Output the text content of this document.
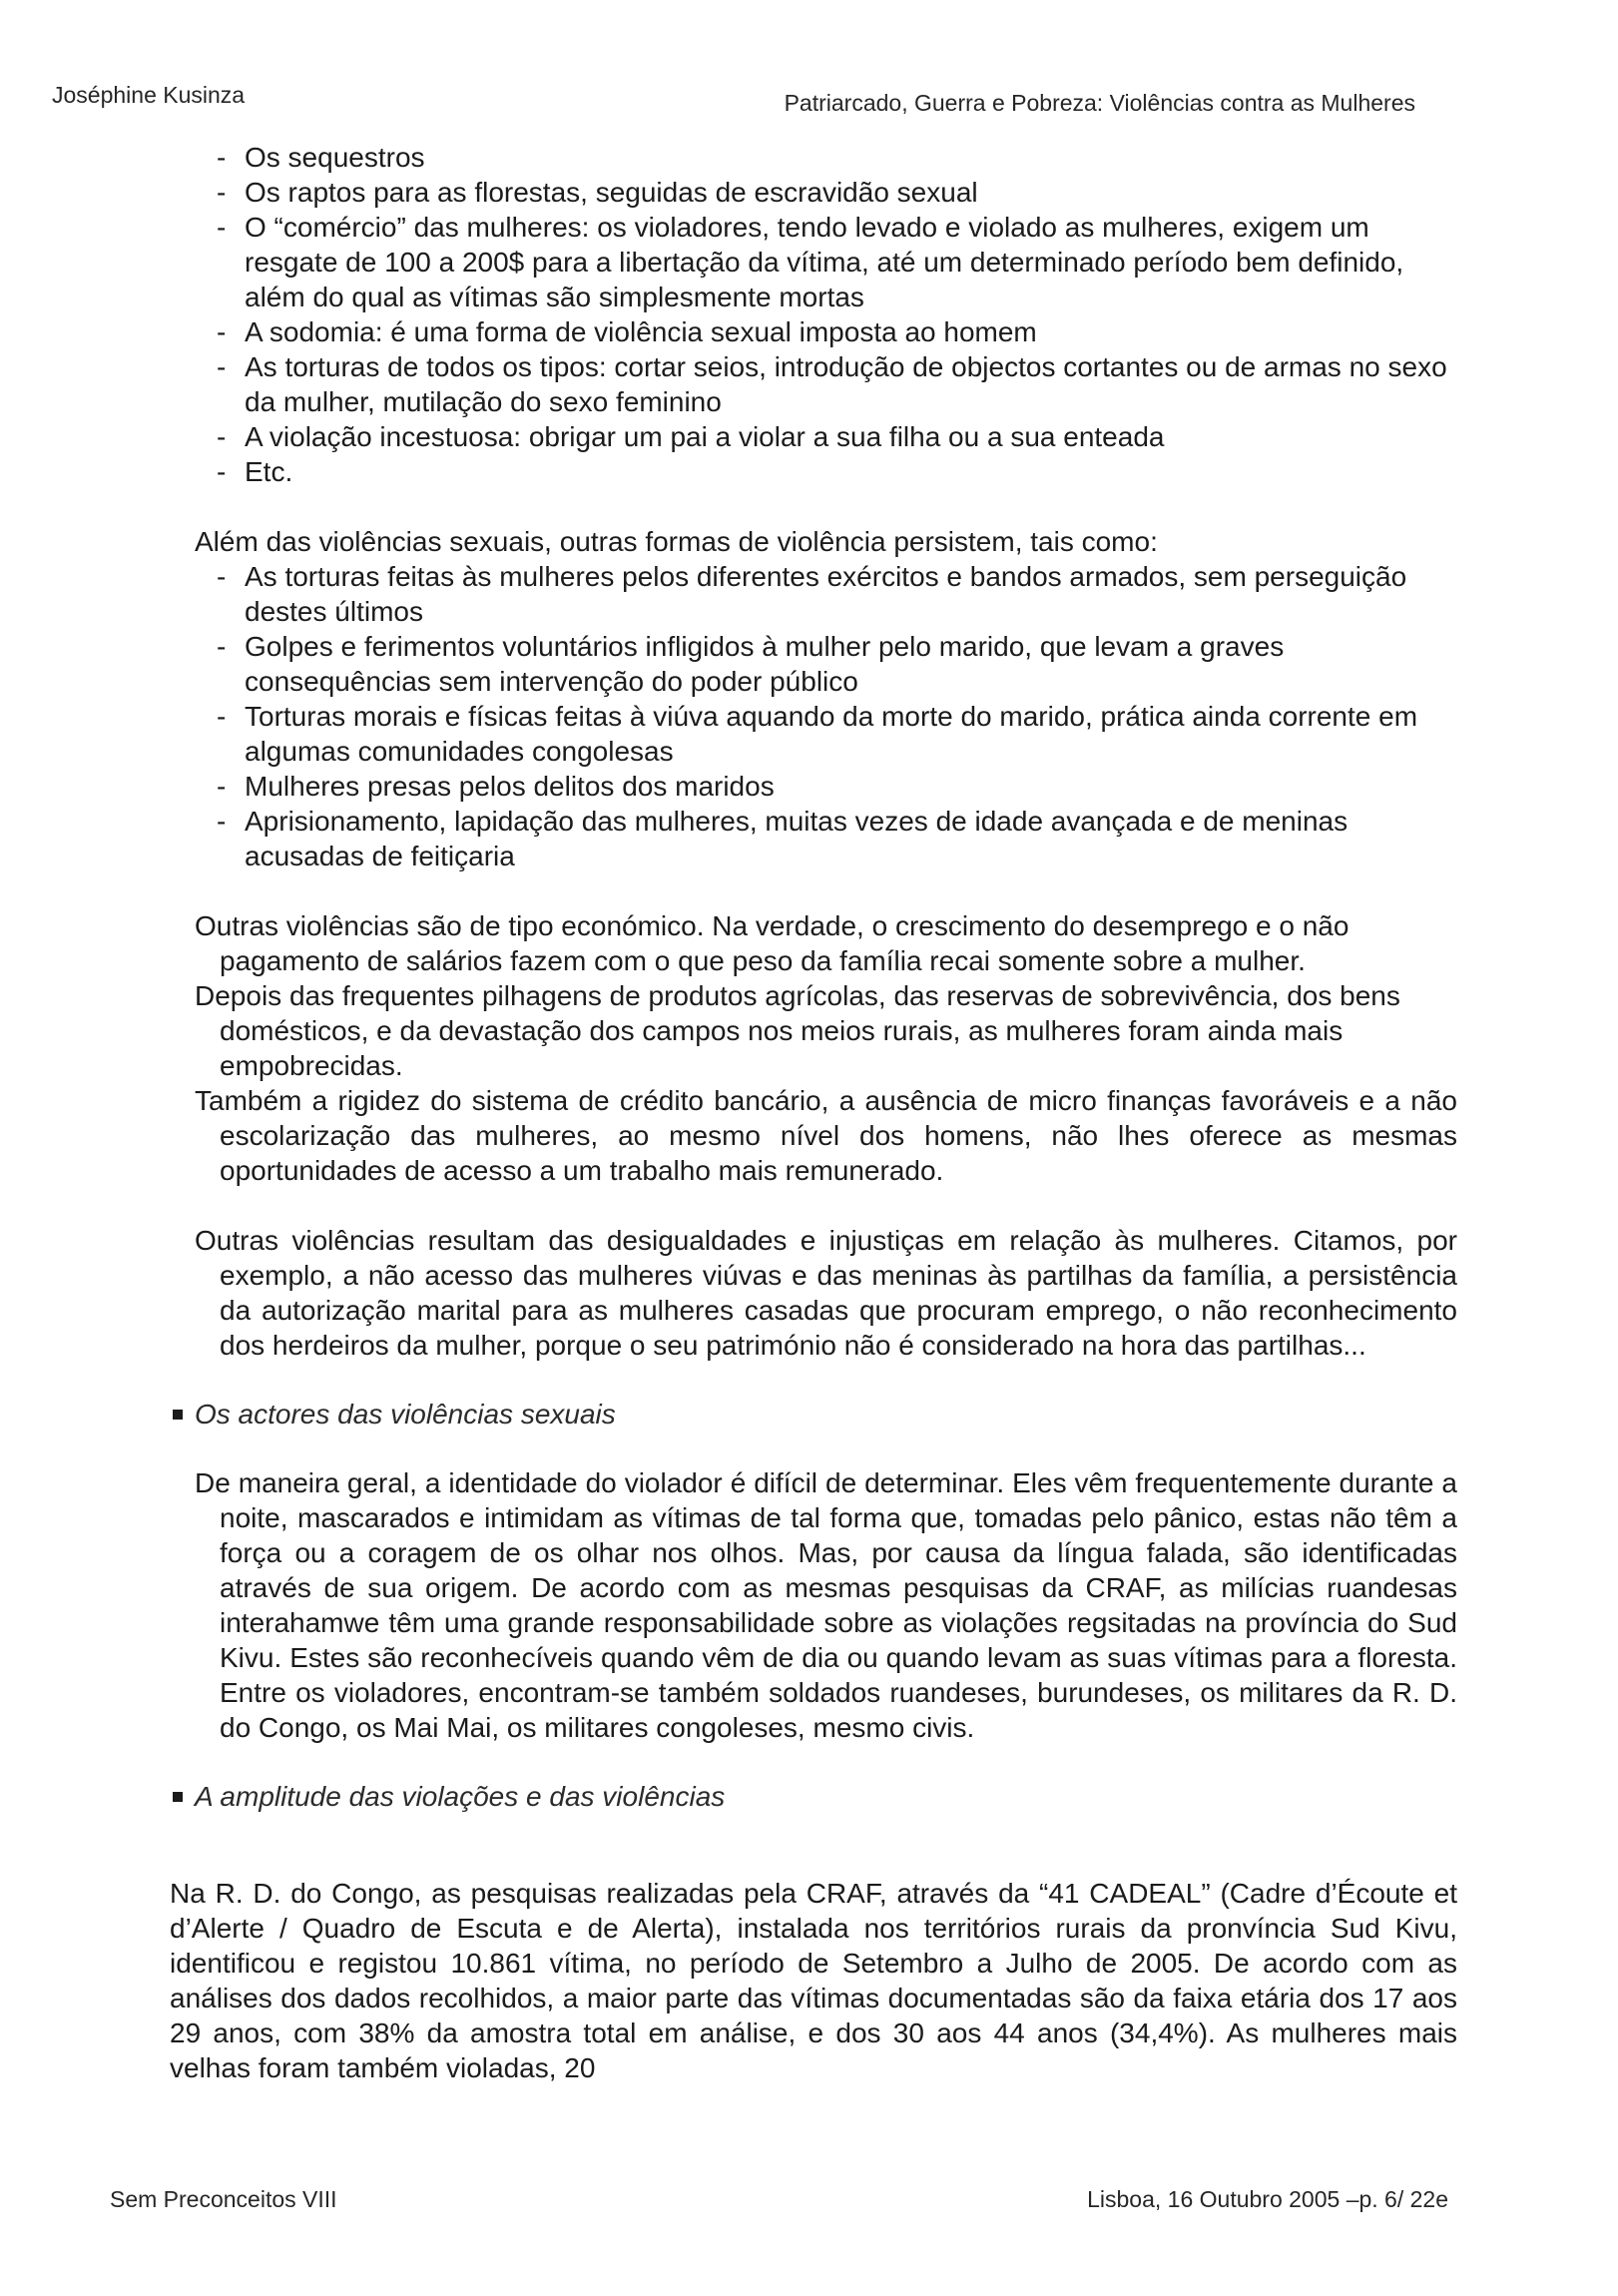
Joséphine Kusinza	Patriarcado, Guerra e Pobreza: Violências contra as Mulheres
- Os sequestros
- Os raptos para as florestas, seguidas de escravidão sexual
- O “comércio” das mulheres: os violadores, tendo levado e violado as mulheres, exigem um resgate de 100 a 200$ para a libertação da vítima, até um determinado período bem definido, além do qual as vítimas são simplesmente mortas
- A sodomia: é uma forma de violência sexual imposta ao homem
- As torturas de todos os tipos: cortar seios, introdução de objectos cortantes ou de armas no sexo da mulher, mutilação do sexo feminino
- A violação incestuosa: obrigar um pai a violar a sua filha ou a sua enteada
- Etc.

Além das violências sexuais, outras formas de violência persistem, tais como:

- As torturas feitas às mulheres pelos diferentes exércitos e bandos armados, sem perseguição destes últimos
- Golpes e ferimentos voluntários infligidos à mulher pelo marido, que levam a graves consequências sem intervenção do poder público
- Torturas morais e físicas feitas à viúva aquando da morte do marido, prática ainda corrente em algumas comunidades congolesas
- Mulheres presas pelos delitos dos maridos
- Aprisionamento, lapidação das mulheres, muitas vezes de idade avançada e de meninas acusadas de feitiçaria

Outras violências são de tipo económico. Na verdade, o crescimento do desemprego e o não pagamento de salários fazem com o que peso da família recai somente sobre a mulher.

Depois das frequentes pilhagens de produtos agrícolas, das reservas de sobrevivência, dos bens domésticos, e da devastação dos campos nos meios rurais, as mulheres foram ainda mais empobrecidas.

Também a rigidez do sistema de crédito bancário, a ausência de micro finanças favoráveis e a não escolarização das mulheres, ao mesmo nível dos homens, não lhes oferece as mesmas oportunidades de acesso a um trabalho mais remunerado.

Outras violências resultam das desigualdades e injustiças em relação às mulheres. Citamos, por exemplo, a não acesso das mulheres viúvas e das meninas às partilhas da família, a persistência da autorização marital para as mulheres casadas que procuram emprego, o não reconhecimento dos herdeiros da mulher, porque o seu património não é considerado na hora das partilhas...

Os actores das violências sexuais

De maneira geral, a identidade do violador é difícil de determinar. Eles vêm frequentemente durante a noite, mascarados e intimidam as vítimas de tal forma que, tomadas pelo pânico, estas não têm a força ou a coragem de os olhar nos olhos. Mas, por causa da língua falada, são identificadas através de sua origem. De acordo com as mesmas pesquisas da CRAF, as milícias ruandesas interahamwe têm uma grande responsabilidade sobre as violações regsitadas na província do Sud Kivu. Estes são reconhecíveis quando vêm de dia ou quando levam as suas vítimas para a floresta. Entre os violadores, encontram-se também soldados ruandeses, burundeses, os militares da R. D. do Congo, os Mai Mai, os militares congoleses, mesmo civis.

A amplitude das violações e das violências

Na R. D. do Congo, as pesquisas realizadas pela CRAF, através da “41 CADEAL” (Cadre d’Écoute et d’Alerte / Quadro de Escuta e de Alerta), instalada nos territórios rurais da pronvíncia Sud Kivu, identificou e registou 10.861 vítima, no período de Setembro a Julho de 2005. De acordo com as análises dos dados recolhidos, a maior parte das vítimas documentadas são da faixa etária dos 17 aos 29 anos, com 38% da amostra total em análise, e dos 30 aos 44 anos (34,4%). As mulheres mais velhas foram também violadas, 20

Sem Preconceitos VIII	Lisboa, 16 Outubro 2005 –p. 6/ 22e
